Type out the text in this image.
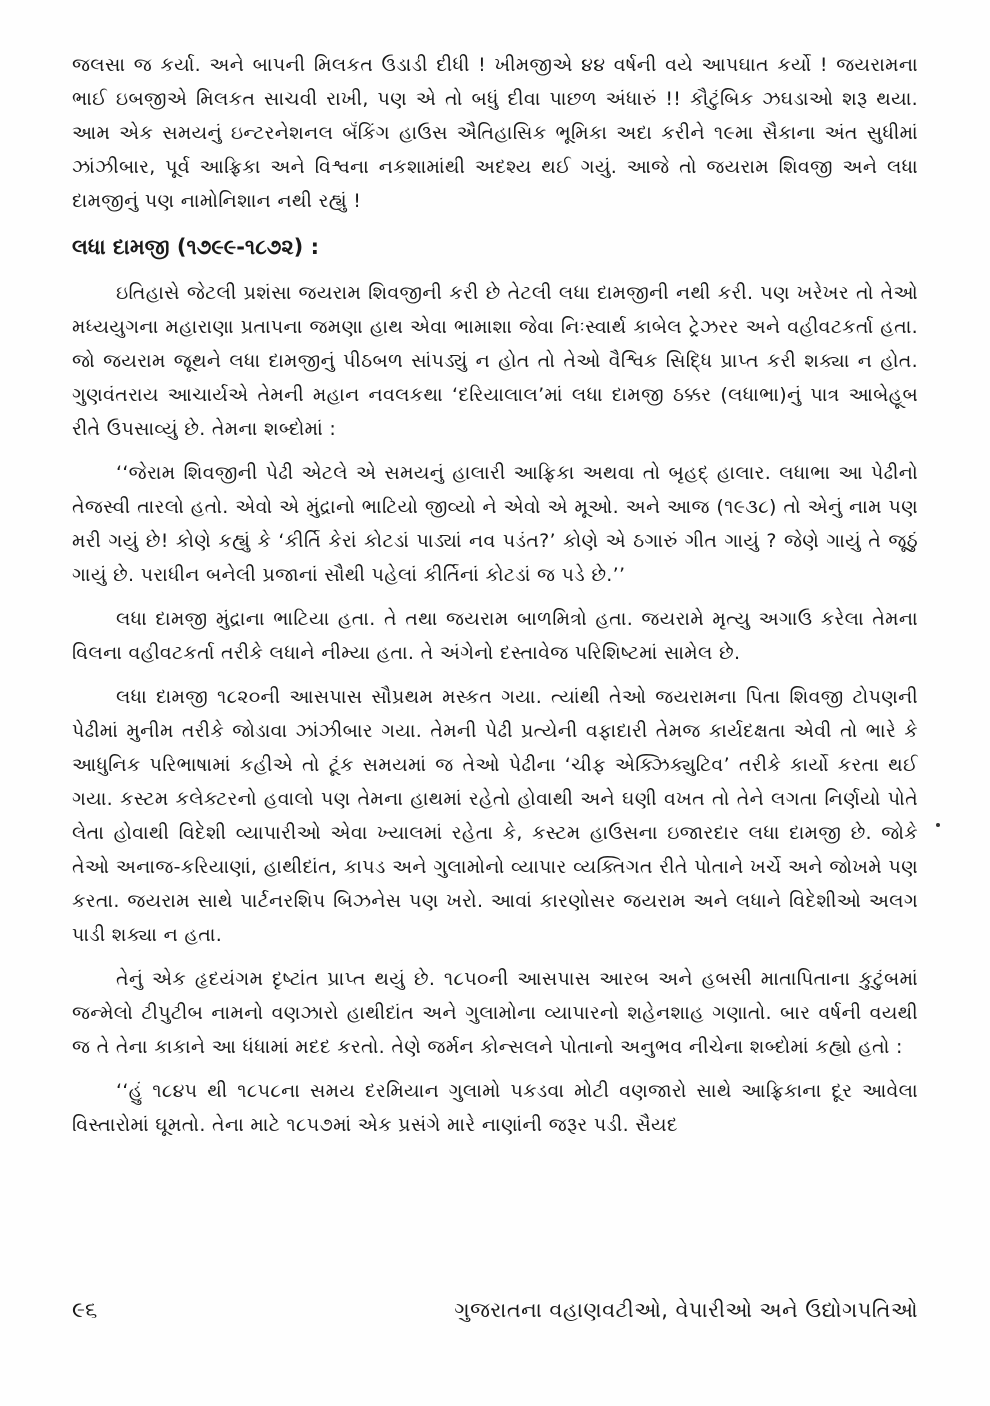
જલસા જ કર્યા. અને બાપની મિલકત ઉડાડી દીધી ! ખીમજીએ ૪૪ વર્ષની વયે આપઘાત કર્યો ! જયરામના ભાઈ ઇબજીએ મિલકત સાચવી રાખી, પણ એ તો બધું દીવા પાછળ અંધારું !! કૌટુંબિક ઝઘડાઓ શરૂ થયા. આમ એક સમયનું ઇન્ટરનેશનલ બૅંકિંગ હાઉસ ઐતિહાસિક ભૂમિકા અદા કરીને ૧૯મા સૈકાના અંત સુધીમાં ઝાંઝીબાર, પૂર્વ આફ્રિકા અને વિશ્વના નકશામાંથી અદશ્ય થઈ ગયું. આજે તો જયરામ શિવજી અને લધા દામજીનું પણ નામોનિશાન નથી રહ્યું !

લધા દામજી (૧૭૯૯-૧૮૭૨) :

ઇતિહાસે જેટલી પ્રશંસા જયરામ શિવજીની કરી છે તેટલી લધા દામજીની નથી કરી. પણ ખરેખર તો તેઓ મધ્યયુગના મહારાણા પ્રતાપના જમણા હાથ એવા ભામાશા જેવા નિઃસ્વાર્થ કાબેલ ટ્રેઝરર અને વહીવટકર્તા હતા. જો જયરામ જૂથને લધા દામજીનું પીઠબળ સાંપડ્યું ન હોત તો તેઓ વૈશ્વિક સિદ્ધિ પ્રાપ્ત કરી શક્યા ન હોત. ગુણવંતરાય આચાર્યએ તેમની મહાન નવલકથા ‘દરિયાલાલ’માં લધા દામજી ઠક્કર (લધાભા)નું પાત્ર આબેહૂબ રીતે ઉપસાવ્યું છે. તેમના શબ્દોમાં :

‘‘જેરામ શિવજીની પેઢી એટલે એ સમયનું હાલારી આફ્રિકા અથવા તો બૃહદ્ હાલાર. લધાભા આ પેઢીનો તેજસ્વી તારલો હતો. એવો એ મુંદ્રાનો ભાટિયો જીવ્યો ને એવો એ મૂઓ. અને આજ (૧૯૩૮) તો એનું નામ પણ મરી ગયું છે! કોણે કહ્યું કે ‘કીર્તિ કેરાં કોટડાં પાડ્યાં નવ પડંત?’ કોણે એ ઠગારું ગીત ગાયું ? જેણે ગાયું તે જૂઠું ગાયું છે. પરાધીન બનેલી પ્રજાનાં સૌથી પહેલાં કીર્તિનાં કોટડાં જ પડે છે.’’

લધા દામજી મુંદ્રાના ભાટિયા હતા. તે તથા જયરામ બાળમિત્રો હતા. જયરામે મૃત્યુ અગાઉ કરેલા તેમના વિલના વહીવટકર્તા તરીકે લધાને નીમ્યા હતા. તે અંગેનો દસ્તાવેજ પરિશિષ્ટમાં સામેલ છે.

લધા દામજી ૧૮૨૦ની આસપાસ સૌપ્રથમ મસ્કત ગયા. ત્યાંથી તેઓ જયરામના પિતા શિવજી ટોપણની પેઢીમાં મુનીમ તરીકે જોડાવા ઝાંઝીબાર ગયા. તેમની પેઢી પ્રત્યેની વફાદારી તેમજ કાર્યદક્ષતા એવી તો ભારે કે આધુનિક પરિભાષામાં કહીએ તો ટૂંક સમયમાં જ તેઓ પેઢીના ‘ચીફ એક્ઝિક્યુટિવ’ તરીકે કાર્યો કરતા થઈ ગયા. કસ્ટમ કલેક્ટરનો હવાલો પણ તેમના હાથમાં રહેતો હોવાથી અને ઘણી વખત તો તેને લગતા નિર્ણયો પોતે લેતા હોવાથી વિદેશી વ્યાપારીઓ એવા ખ્યાલમાં રહેતા કે, કસ્ટમ હાઉસના ઇજારદાર લધા દામજી છે. જોકે તેઓ અનાજ-કરિયાણાં, હાથીદાંત, કાપડ અને ગુલામોનો વ્યાપાર વ્યક્તિગત રીતે પોતાને ખર્ચે અને જોખમે પણ કરતા. જયરામ સાથે પાર્ટનરશિપ બિઝનેસ પણ ખરો. આવાં કારણોસર જયરામ અને લધાને વિદેશીઓ અલગ પાડી શક્યા ન હતા.

તેનું એક હૃદયંગમ દૃષ્ટાંત પ્રાપ્ત થયું છે. ૧૮૫૦ની આસપાસ આરબ અને હબસી માતાપિતાના કુટુંબમાં જન્મેલો ટીપુટીબ નામનો વણઝારો હાથીદાંત અને ગુલામોના વ્યાપારનો શહેનશાહ ગણાતો. બાર વર્ષની વયથી જ તે તેના કાકાને આ ધંધામાં મદદ કરતો. તેણે જર્મન કોન્સલને પોતાનો અનુભવ નીચેના શબ્દોમાં કહ્યો હતો :

‘‘હું ૧૮૪૫ થી ૧૮૫૮ના સમય દરમિયાન ગુલામો પકડવા મોટી વણજારો સાથે આફ્રિકાના દૂર આવેલા વિસ્તારોમાં ઘૂમતો. તેના માટે ૧૮૫૭માં એક પ્રસંગે મારે નાણાંની જરૂર પડી. સૈયદ

૯૬	ગુજરાતના વહાણવટીઓ, વેપારીઓ અને ઉદ્યોગપતિઓ
